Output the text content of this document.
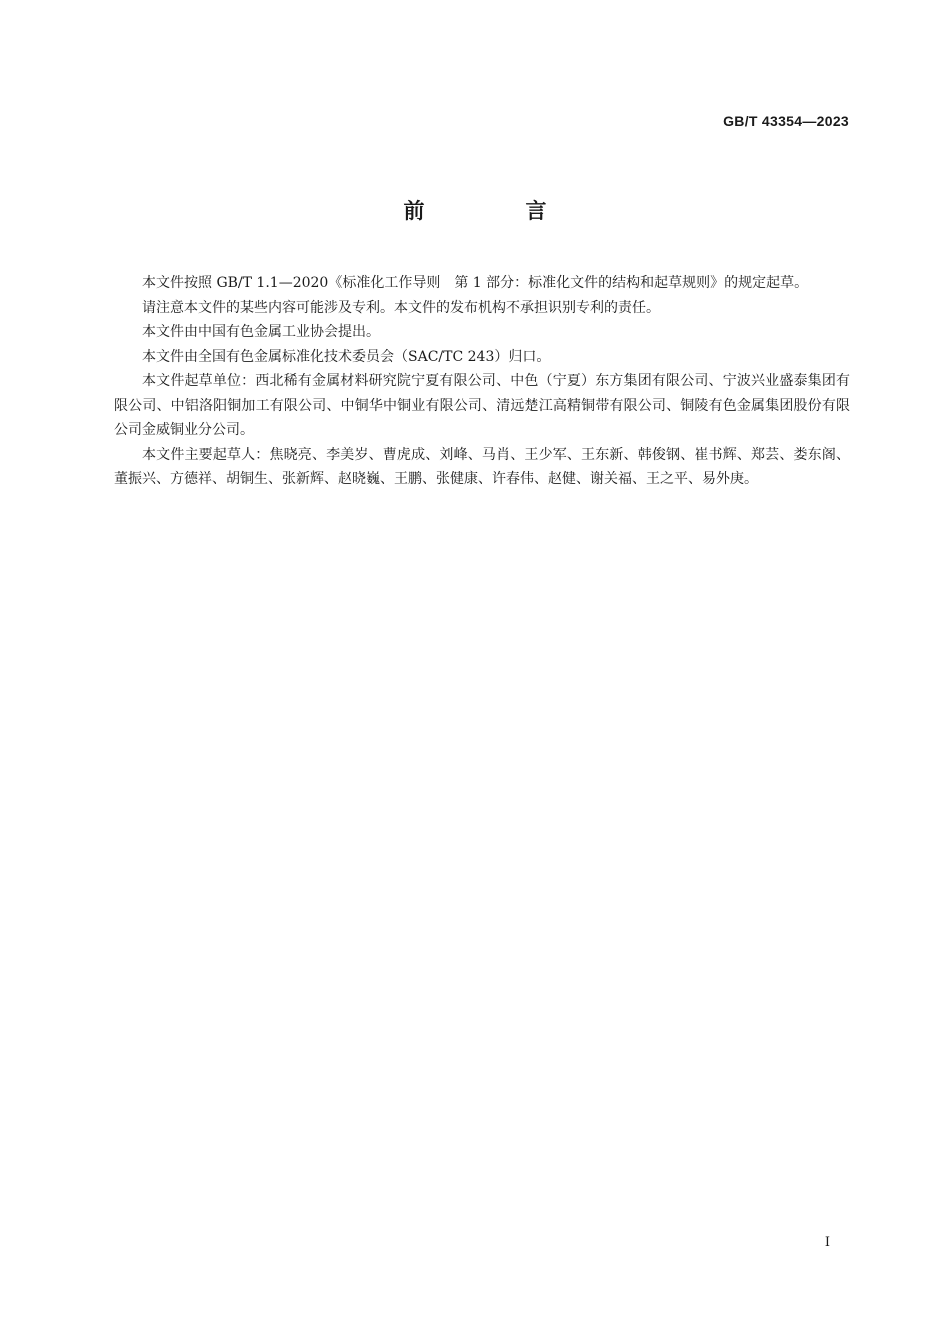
GB/T 43354—2023
前　言

本文件按照 GB/T 1.1—2020《标准化工作导则　第 1 部分：标准化文件的结构和起草规则》的规定起草。

请注意本文件的某些内容可能涉及专利。本文件的发布机构不承担识别专利的责任。

本文件由中国有色金属工业协会提出。

本文件由全国有色金属标准化技术委员会（SAC/TC 243）归口。

本文件起草单位：西北稀有金属材料研究院宁夏有限公司、中色（宁夏）东方集团有限公司、宁波兴业盛泰集团有限公司、中铝洛阳铜加工有限公司、中铜华中铜业有限公司、清远楚江高精铜带有限公司、铜陵有色金属集团股份有限公司金威铜业分公司。

本文件主要起草人：焦晓亮、李美岁、曹虎成、刘峰、马肖、王少军、王东新、韩俊钢、崔书辉、郑芸、娄东阁、董振兴、方德祥、胡铜生、张新辉、赵晓巍、王鹏、张健康、许春伟、赵健、谢关福、王之平、易外庚。

I
